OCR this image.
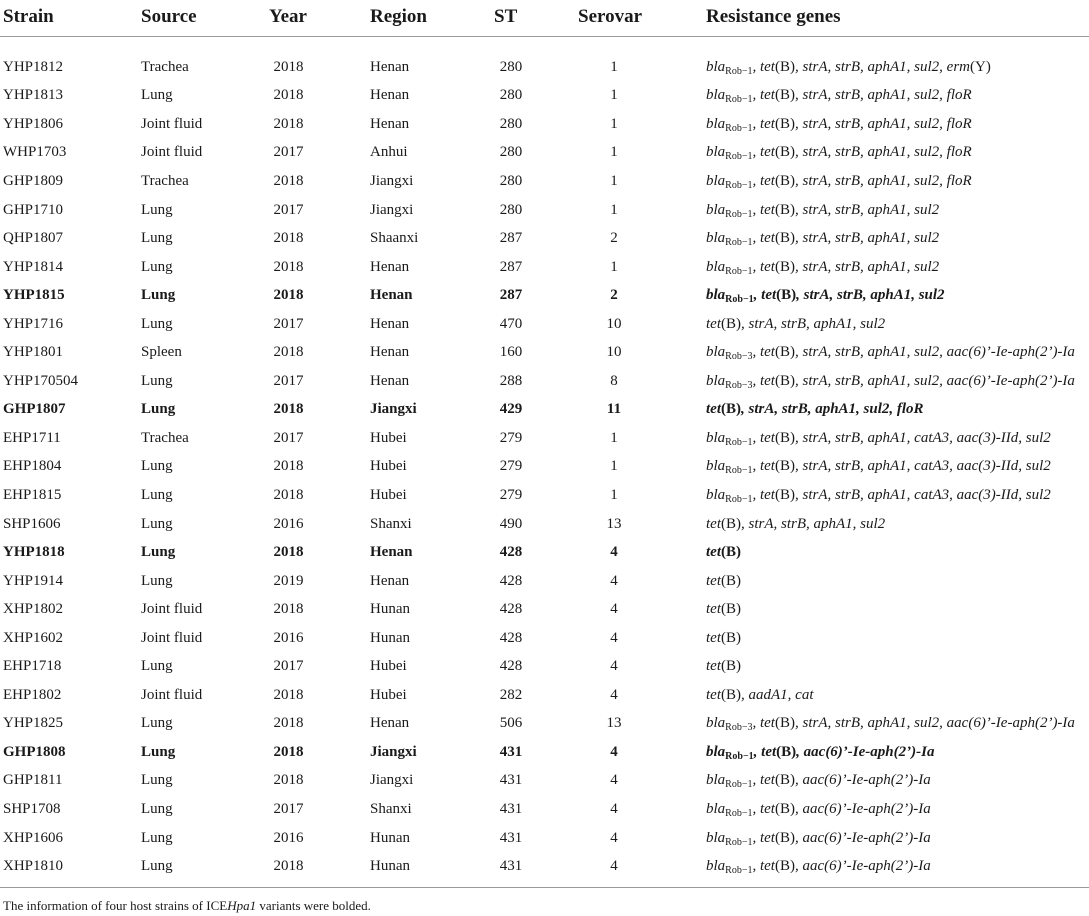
Strain	Source	Year	Region	ST	Serovar	Resistance genes

YHP1812	Trachea	2018	Henan	280	1	bla$_{Rob-1}$, tet(B), strA, strB, aphA1, sul2, erm(Y)
YHP1813	Lung	2018	Henan	280	1	bla$_{Rob-1}$, tet(B), strA, strB, aphA1, sul2, floR
YHP1806	Joint fluid	2018	Henan	280	1	bla$_{Rob-1}$, tet(B), strA, strB, aphA1, sul2, floR
WHP1703	Joint fluid	2017	Anhui	280	1	bla$_{Rob-1}$, tet(B), strA, strB, aphA1, sul2, floR
GHP1809	Trachea	2018	Jiangxi	280	1	bla$_{Rob-1}$, tet(B), strA, strB, aphA1, sul2, floR
GHP1710	Lung	2017	Jiangxi	280	1	bla$_{Rob-1}$, tet(B), strA, strB, aphA1, sul2
QHP1807	Lung	2018	Shaanxi	287	2	bla$_{Rob-1}$, tet(B), strA, strB, aphA1, sul2
YHP1814	Lung	2018	Henan	287	1	bla$_{Rob-1}$, tet(B), strA, strB, aphA1, sul2
YHP1815	Lung	2018	Henan	287	2	bla$_{Rob-1}$, tet(B), strA, strB, aphA1, sul2
YHP1716	Lung	2017	Henan	470	10	tet(B), strA, strB, aphA1, sul2
YHP1801	Spleen	2018	Henan	160	10	bla$_{Rob-3}$, tet(B), strA, strB, aphA1, sul2, aac(6)’-Ie-aph(2’)-Ia
YHP170504	Lung	2017	Henan	288	8	bla$_{Rob-3}$, tet(B), strA, strB, aphA1, sul2, aac(6)’-Ie-aph(2’)-Ia
GHP1807	Lung	2018	Jiangxi	429	11	tet(B), strA, strB, aphA1, sul2, floR
EHP1711	Trachea	2017	Hubei	279	1	bla$_{Rob-1}$, tet(B), strA, strB, aphA1, catA3, aac(3)-IId, sul2
EHP1804	Lung	2018	Hubei	279	1	bla$_{Rob-1}$, tet(B), strA, strB, aphA1, catA3, aac(3)-IId, sul2
EHP1815	Lung	2018	Hubei	279	1	bla$_{Rob-1}$, tet(B), strA, strB, aphA1, catA3, aac(3)-IId, sul2
SHP1606	Lung	2016	Shanxi	490	13	tet(B), strA, strB, aphA1, sul2
YHP1818	Lung	2018	Henan	428	4	tet(B)
YHP1914	Lung	2019	Henan	428	4	tet(B)
XHP1802	Joint fluid	2018	Hunan	428	4	tet(B)
XHP1602	Joint fluid	2016	Hunan	428	4	tet(B)
EHP1718	Lung	2017	Hubei	428	4	tet(B)
EHP1802	Joint fluid	2018	Hubei	282	4	tet(B), aadA1, cat
YHP1825	Lung	2018	Henan	506	13	bla$_{Rob-3}$, tet(B), strA, strB, aphA1, sul2, aac(6)’-Ie-aph(2’)-Ia
GHP1808	Lung	2018	Jiangxi	431	4	bla$_{Rob-1}$, tet(B), aac(6)’-Ie-aph(2’)-Ia
GHP1811	Lung	2018	Jiangxi	431	4	bla$_{Rob-1}$, tet(B), aac(6)’-Ie-aph(2’)-Ia
SHP1708	Lung	2017	Shanxi	431	4	bla$_{Rob-1}$, tet(B), aac(6)’-Ie-aph(2’)-Ia
XHP1606	Lung	2016	Hunan	431	4	bla$_{Rob-1}$, tet(B), aac(6)’-Ie-aph(2’)-Ia
XHP1810	Lung	2018	Hunan	431	4	bla$_{Rob-1}$, tet(B), aac(6)’-Ie-aph(2’)-Ia
The information of four host strains of ICEHpa1 variants were bolded.
